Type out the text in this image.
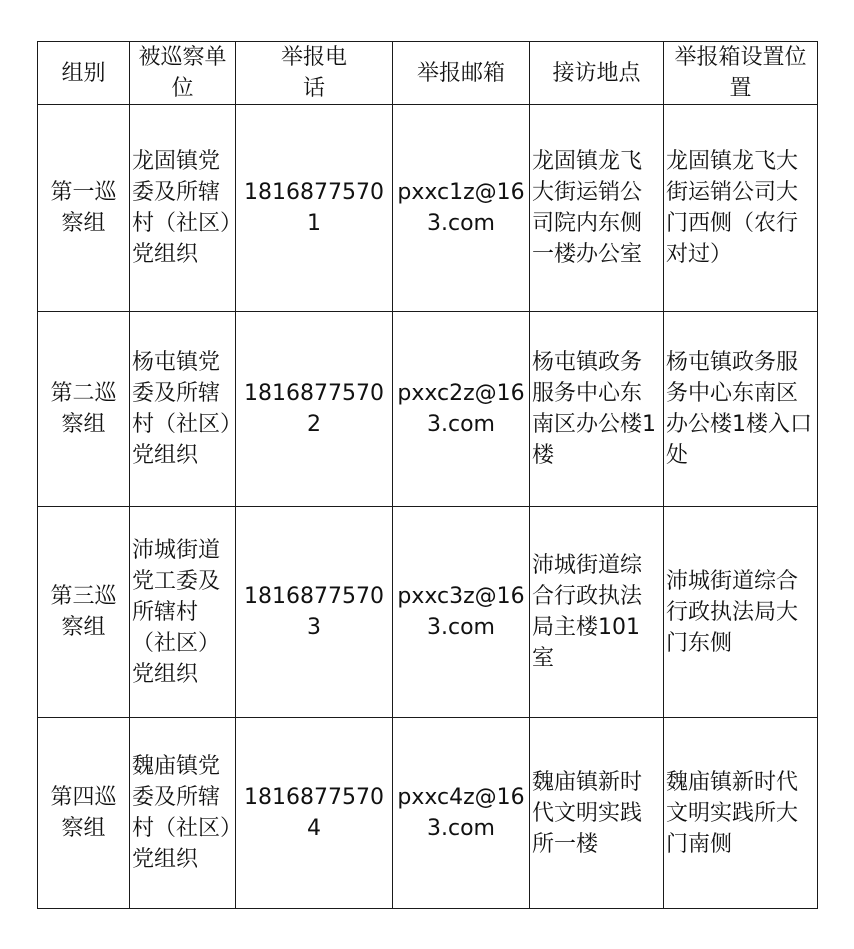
组别	被巡察单位	举报电话	举报邮箱	接访地点	举报箱设置位置
第一巡察组	龙固镇党委及所辖村（社区）党组织	18168775701	pxxc1z@163.com	龙固镇龙飞大街运销公司院内东侧一楼办公室	龙固镇龙飞大街运销公司大门西侧（农行对过）
第二巡察组	杨屯镇党委及所辖村（社区）党组织	18168775702	pxxc2z@163.com	杨屯镇政务服务中心东南区办公楼1楼	杨屯镇政务服务中心东南区办公楼1楼入口处
第三巡察组	沛城街道党工委及所辖村（社区）党组织	18168775703	pxxc3z@163.com	沛城街道综合行政执法局主楼101室	沛城街道综合行政执法局大门东侧
第四巡察组	魏庙镇党委及所辖村（社区）党组织	18168775704	pxxc4z@163.com	魏庙镇新时代文明实践所一楼	魏庙镇新时代文明实践所大门南侧
